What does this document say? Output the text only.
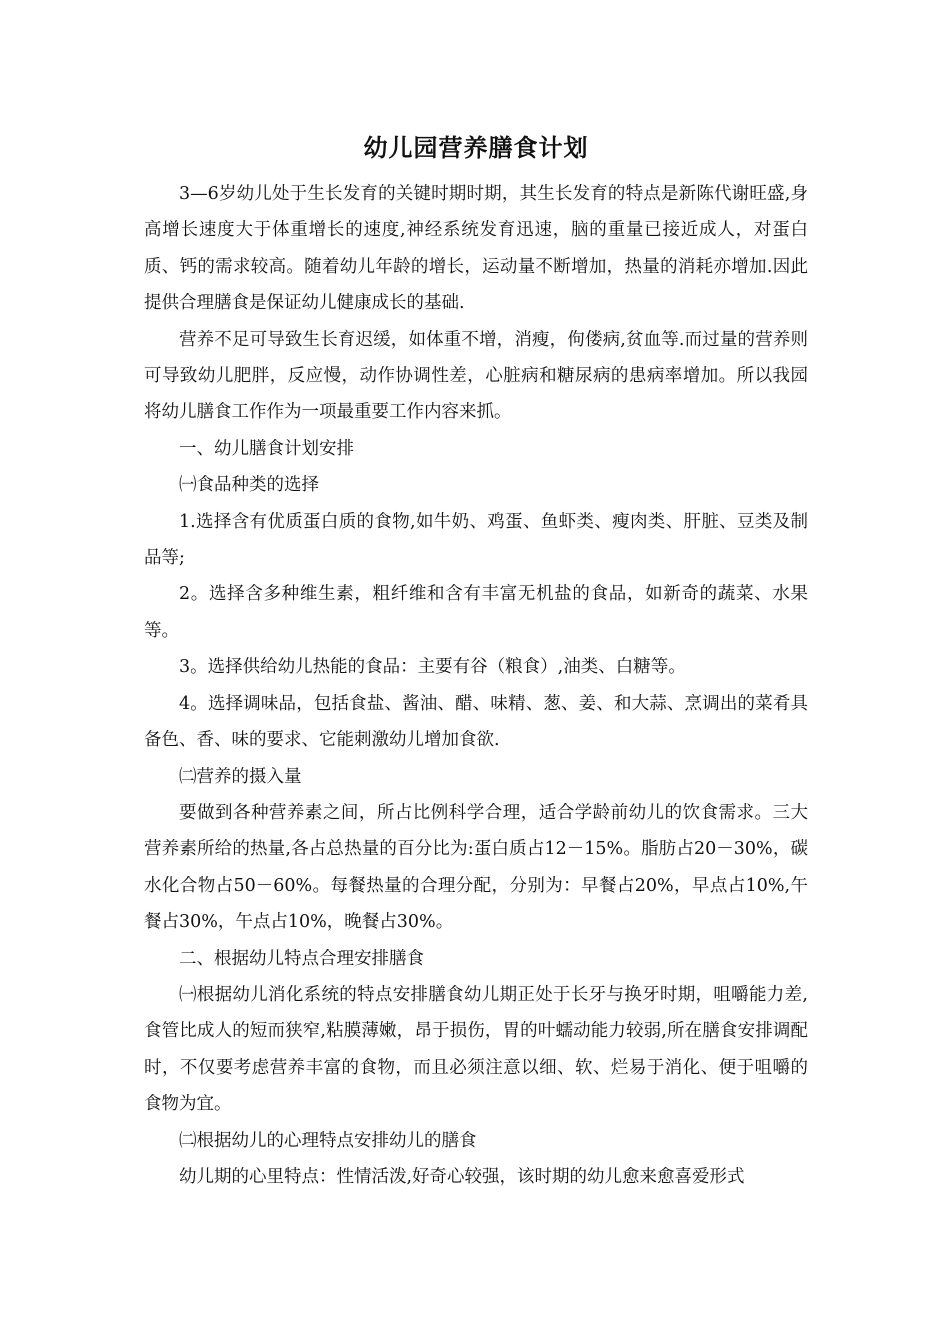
幼儿园营养膳食计划

3—6岁幼儿处于生长发育的关键时期时期，其生长发育的特点是新陈代谢旺盛,身高增长速度大于体重增长的速度,神经系统发育迅速，脑的重量已接近成人，对蛋白质、钙的需求较高。随着幼儿年龄的增长，运动量不断增加，热量的消耗亦增加.因此提供合理膳食是保证幼儿健康成长的基础.

营养不足可导致生长育迟缓，如体重不增，消瘦，佝偻病,贫血等.而过量的营养则可导致幼儿肥胖，反应慢，动作协调性差，心脏病和糖尿病的患病率增加。所以我园将幼儿膳食工作作为一项最重要工作内容来抓。

一、幼儿膳食计划安排

㈠食品种类的选择

1.选择含有优质蛋白质的食物,如牛奶、鸡蛋、鱼虾类、瘦肉类、肝脏、豆类及制品等;

2。选择含多种维生素，粗纤维和含有丰富无机盐的食品，如新奇的蔬菜、水果等。

3。选择供给幼儿热能的食品：主要有谷（粮食）,油类、白糖等。

4。选择调味品，包括食盐、酱油、醋、味精、葱、姜、和大蒜、烹调出的菜肴具备色、香、味的要求、它能刺激幼儿增加食欲.

㈡营养的摄入量

要做到各种营养素之间，所占比例科学合理，适合学龄前幼儿的饮食需求。三大营养素所给的热量,各占总热量的百分比为:蛋白质占12－15%。脂肪占20－30%，碳水化合物占50－60%。每餐热量的合理分配，分别为：早餐占20%，早点占10%,午餐占30%，午点占10%，晚餐占30%。

二、根据幼儿特点合理安排膳食

㈠根据幼儿消化系统的特点安排膳食幼儿期正处于长牙与换牙时期，咀嚼能力差,食管比成人的短而狭窄,粘膜薄嫩，昂于损伤，胃的叶蠕动能力较弱,所在膳食安排调配时，不仅要考虑营养丰富的食物，而且必须注意以细、软、烂易于消化、便于咀嚼的食物为宜。

㈡根据幼儿的心理特点安排幼儿的膳食

幼儿期的心里特点：性情活泼,好奇心较强，该时期的幼儿愈来愈喜爱形式
